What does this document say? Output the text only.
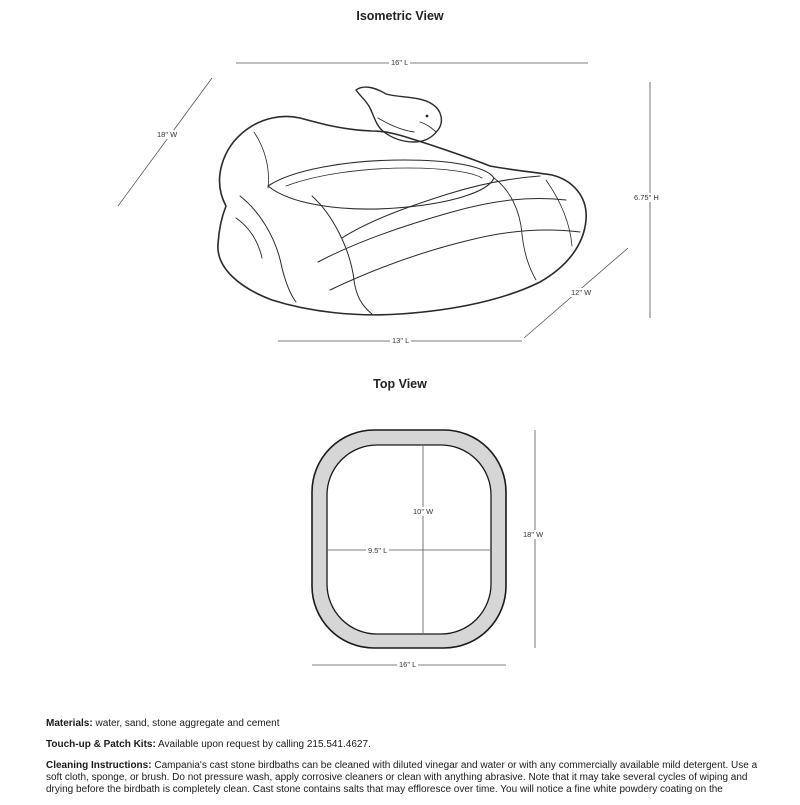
Isometric View
Top View
16" L
18" W
6.75" H
12" W
13" L
10" W
9.5" L
18" W
16" L

Materials: water, sand, stone aggregate and cement

Touch-up & Patch Kits: Available upon request by calling 215.541.4627.

Cleaning Instructions: Campania's cast stone birdbaths can be cleaned with diluted vinegar and water or with any commercially available mild detergent. Use a soft cloth, sponge, or brush. Do not pressure wash, apply corrosive cleaners or clean with anything abrasive. Note that it may take several cycles of wiping and drying before the birdbath is completely clean. Cast stone contains salts that may effloresce over time. You will notice a fine white powdery coating on the
